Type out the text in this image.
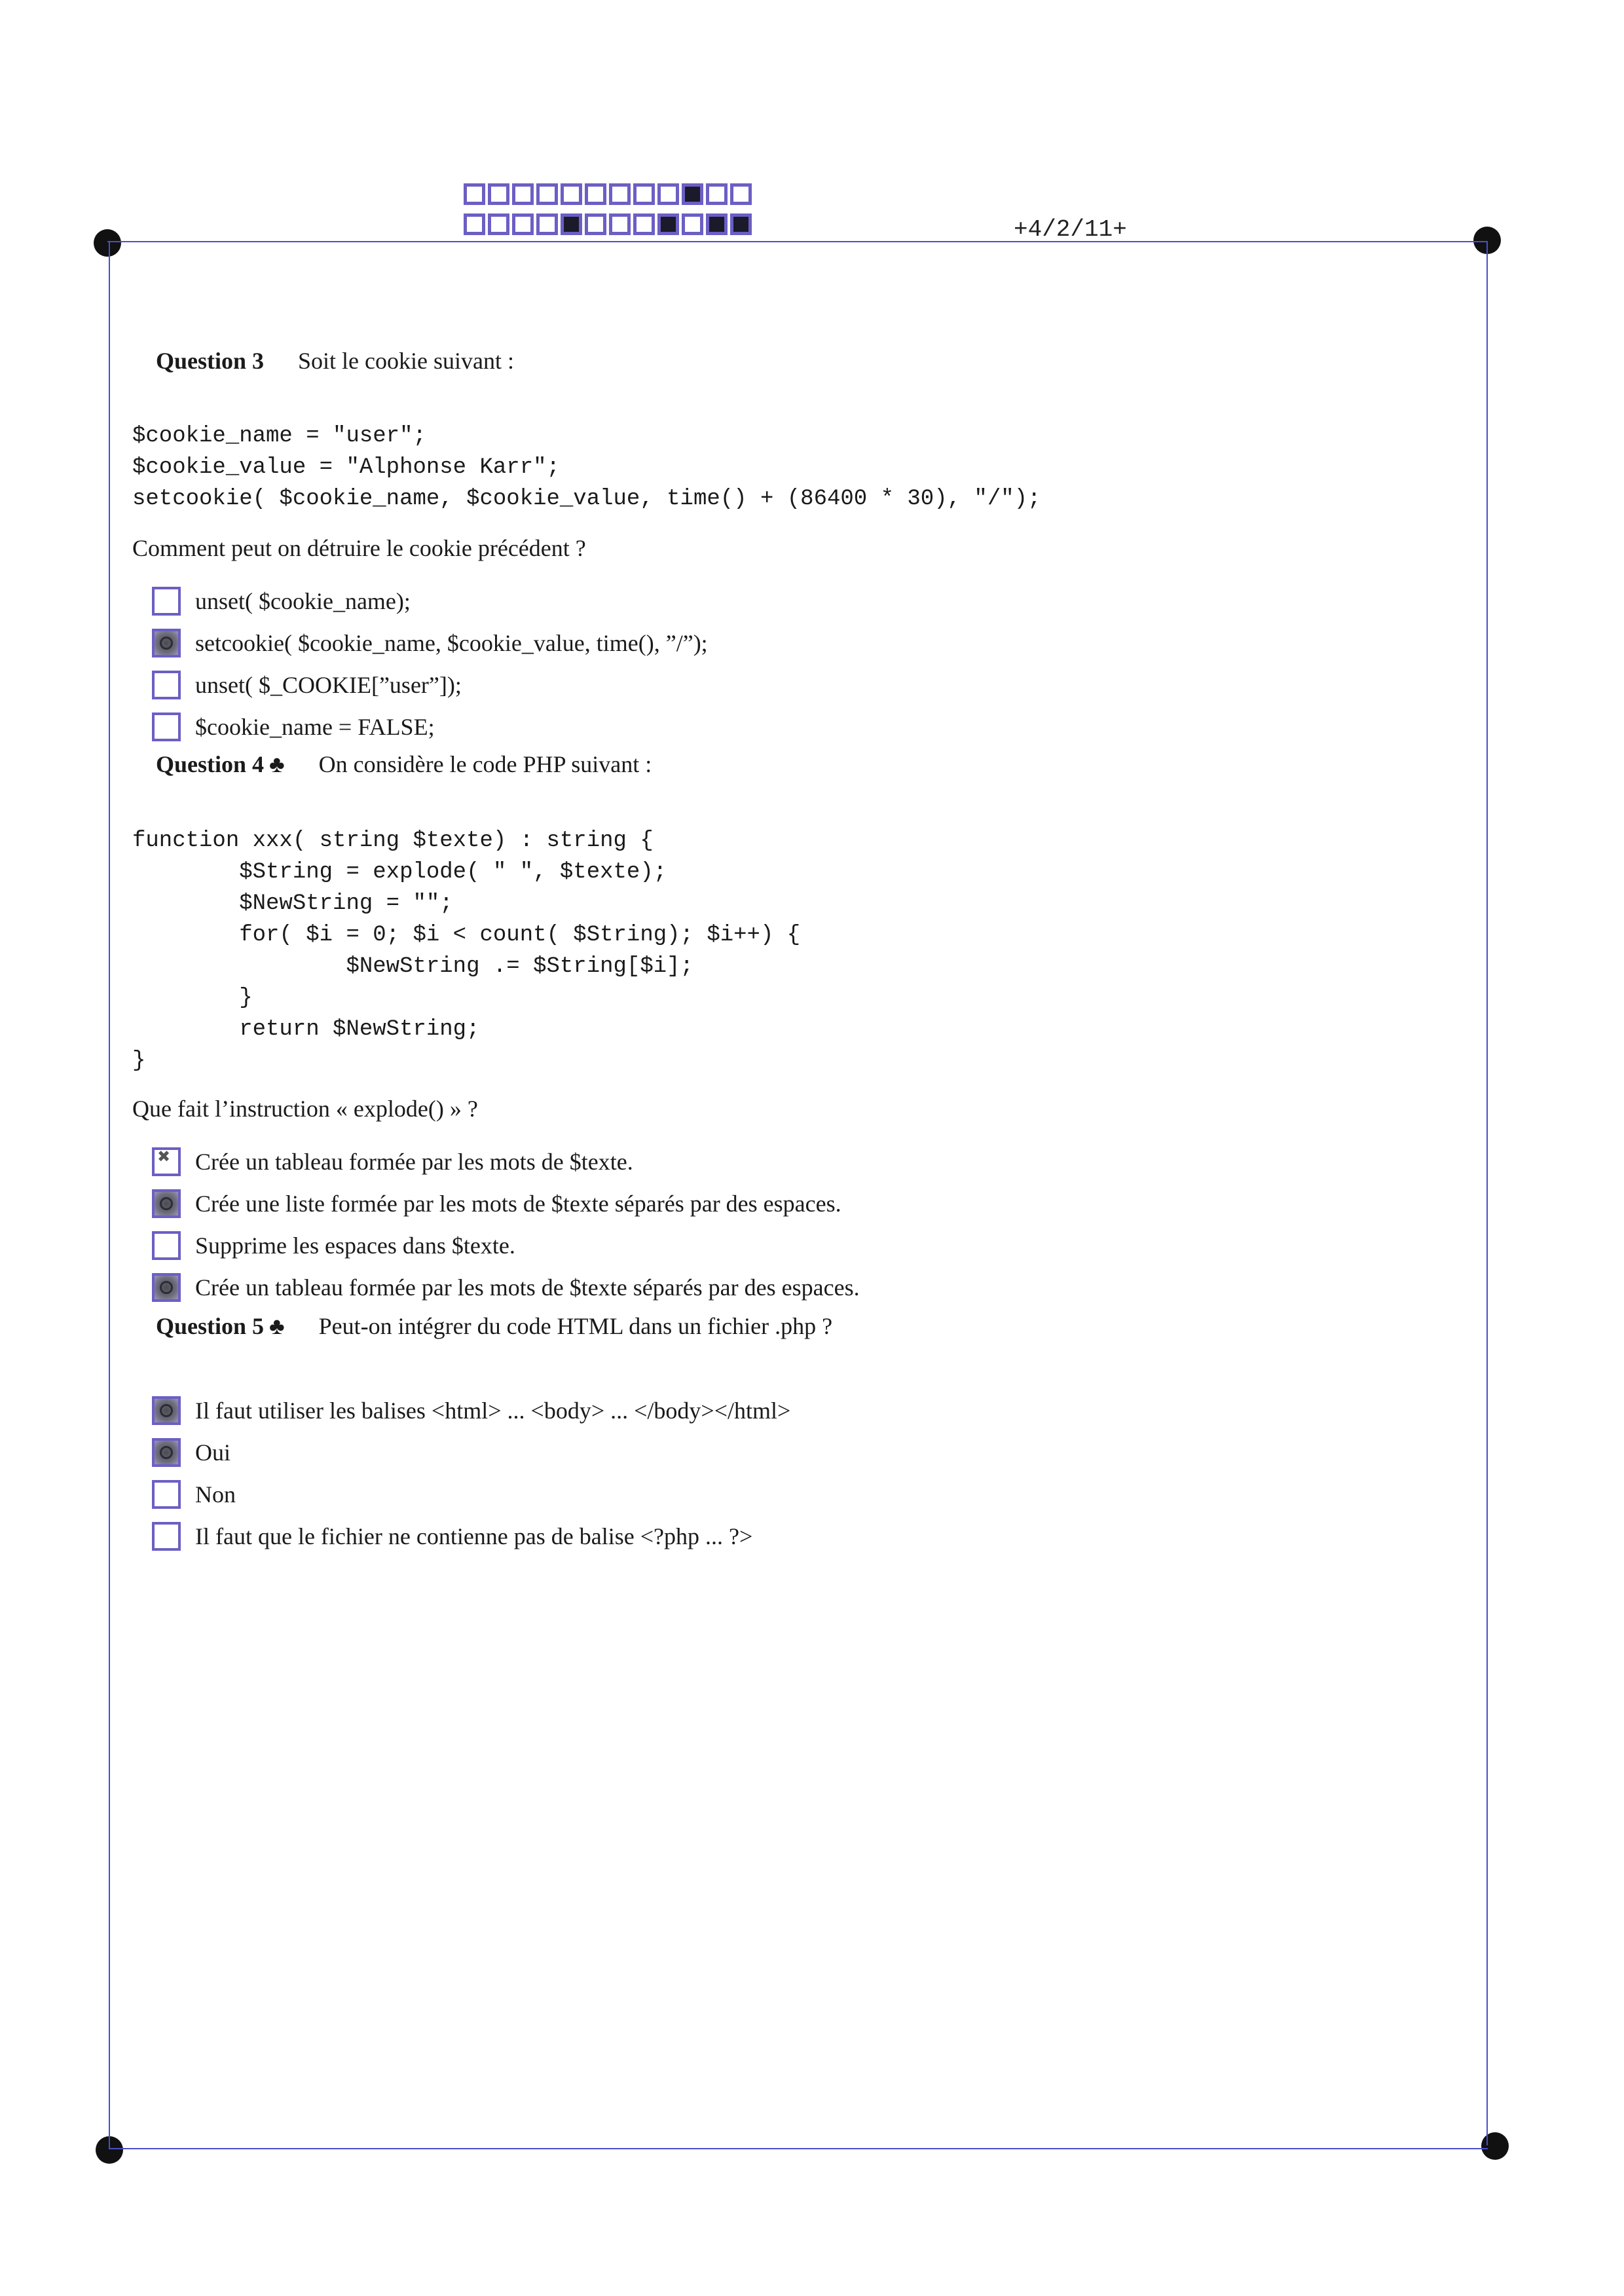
+4/2/11+

Question 3 Soit le cookie suivant :

$cookie_name = "user";
$cookie_value = "Alphonse Karr";
setcookie( $cookie_name, $cookie_value, time() + (86400 * 30), "/");
Comment peut on détruire le cookie précédent ?
unset( $cookie_name);
setcookie( $cookie_name, $cookie_value, time(), ”/”);
unset( $_COOKIE[”user”]);
$cookie_name = FALSE;

Question 4 ♣ On considère le code PHP suivant :

function xxx( string $texte) : string {
$String = explode( " ", $texte);
$NewString = "";
for( $i = 0; $i < count( $String); $i++) {
$NewString .= $String[$i];
}
return $NewString;
}
Que fait l’instruction « explode() » ?
✖
Crée un tableau formée par les mots de $texte.
Crée une liste formée par les mots de $texte séparés par des espaces.
Supprime les espaces dans $texte.
Crée un tableau formée par les mots de $texte séparés par des espaces.

Question 5 ♣ Peut-on intégrer du code HTML dans un fichier .php ?

Il faut utiliser les balises <html> ... <body> ... </body></html>
Oui
Non
Il faut que le fichier ne contienne pas de balise <?php ... ?>
